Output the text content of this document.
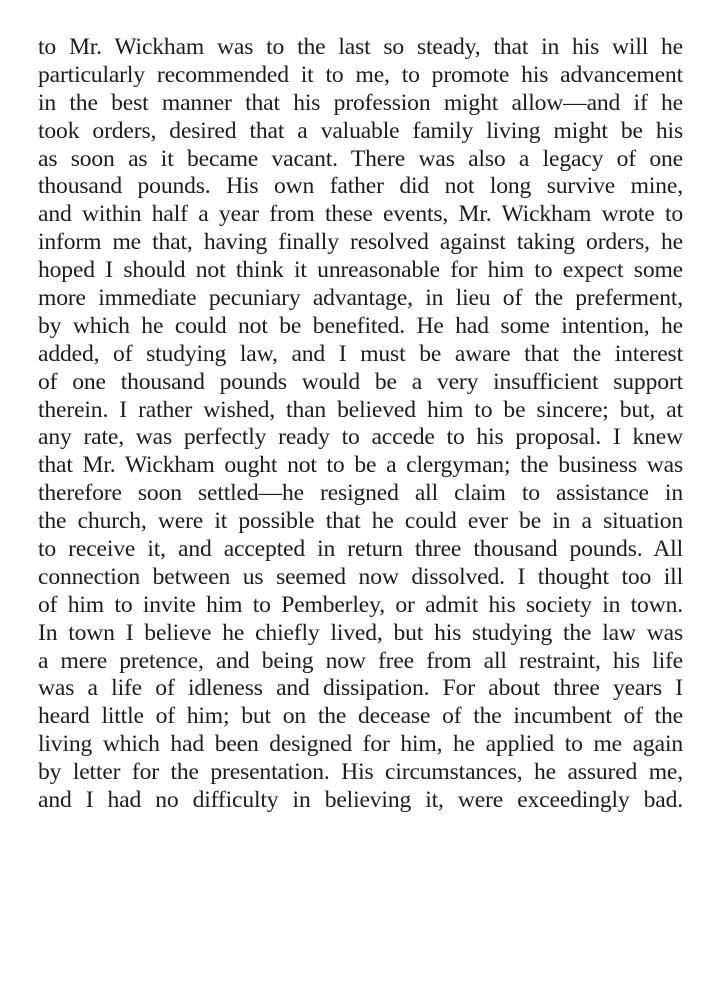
to Mr. Wickham was to the last so steady, that in his will he
particularly recommended it to me, to promote his advancement
in the best manner that his profession might allow—and if he
took orders, desired that a valuable family living might be his
as soon as it became vacant. There was also a legacy of one
thousand pounds. His own father did not long survive mine,
and within half a year from these events, Mr. Wickham wrote to
inform me that, having finally resolved against taking orders, he
hoped I should not think it unreasonable for him to expect some
more immediate pecuniary advantage, in lieu of the preferment,
by which he could not be benefited. He had some intention, he
added, of studying law, and I must be aware that the interest
of one thousand pounds would be a very insufficient support
therein. I rather wished, than believed him to be sincere; but, at
any rate, was perfectly ready to accede to his proposal. I knew
that Mr. Wickham ought not to be a clergyman; the business was
therefore soon settled—he resigned all claim to assistance in
the church, were it possible that he could ever be in a situation
to receive it, and accepted in return three thousand pounds. All
connection between us seemed now dissolved. I thought too ill
of him to invite him to Pemberley, or admit his society in town.
In town I believe he chiefly lived, but his studying the law was
a mere pretence, and being now free from all restraint, his life
was a life of idleness and dissipation. For about three years I
heard little of him; but on the decease of the incumbent of the
living which had been designed for him, he applied to me again
by letter for the presentation. His circumstances, he assured me,
and I had no difficulty in believing it, were exceedingly bad.
